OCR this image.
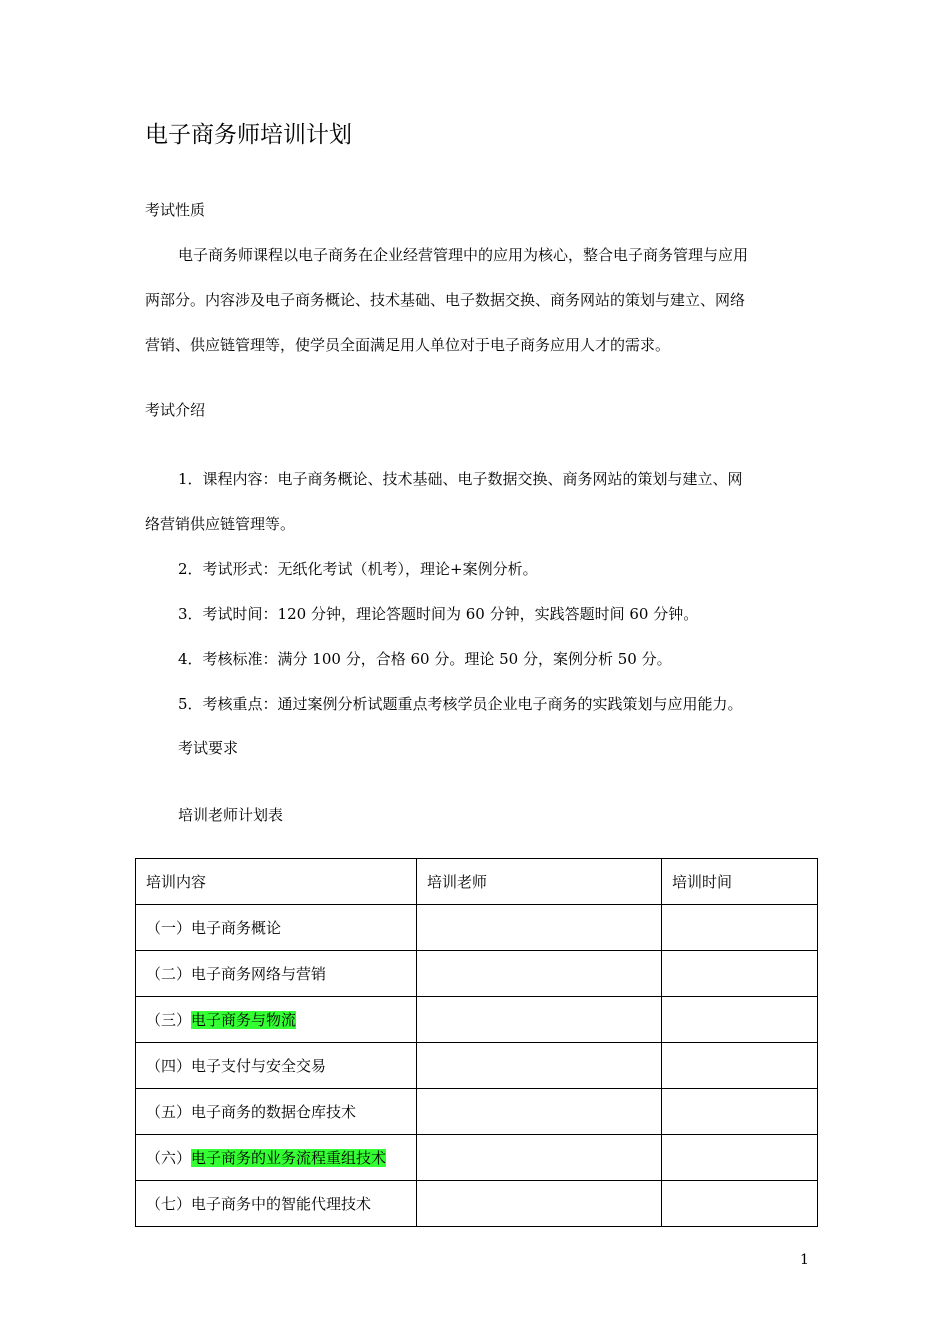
电子商务师培训计划
考试性质
电子商务师课程以电子商务在企业经营管理中的应用为核心，整合电子商务管理与应用
两部分。内容涉及电子商务概论、技术基础、电子数据交换、商务网站的策划与建立、网络
营销、供应链管理等，使学员全面满足用人单位对于电子商务应用人才的需求。
考试介绍
1．课程内容：电子商务概论、技术基础、电子数据交换、商务网站的策划与建立、网
络营销供应链管理等。
2．考试形式：无纸化考试（机考），理论+案例分析。
3．考试时间：120 分钟，理论答题时间为 60 分钟，实践答题时间 60 分钟。
4．考核标准：满分 100 分，合格 60 分。理论 50 分，案例分析 50 分。
5．考核重点：通过案例分析试题重点考核学员企业电子商务的实践策划与应用能力。
考试要求
培训老师计划表
培训内容	培训老师	培训时间
（一）电子商务概论		
（二）电子商务网络与营销		
（三）电子商务与物流		
（四）电子支付与安全交易		
（五）电子商务的数据仓库技术		
（六）电子商务的业务流程重组技术		
（七）电子商务中的智能代理技术		
1
